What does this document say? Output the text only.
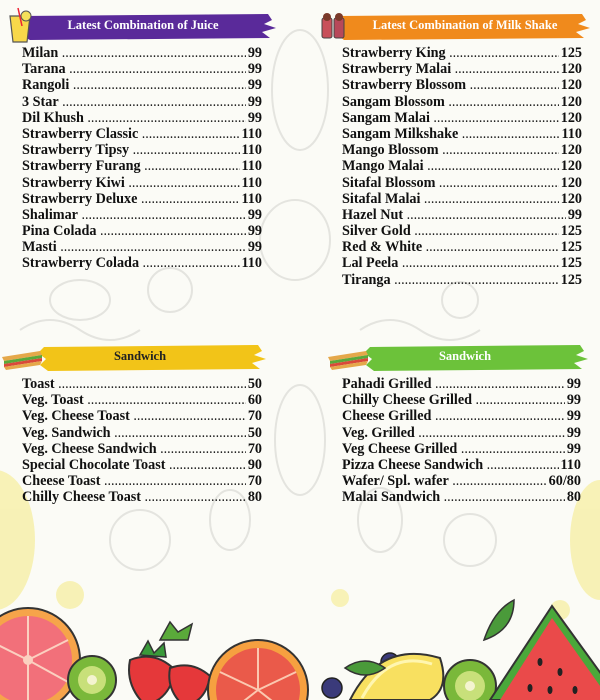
Latest Combination of Juice
Milan .....	99
Tarana .....	99
Rangoli .....	99
3 Star .....	99
Dil Khush .....	99
Strawberry Classic .....	110
Strawberry Tipsy .....	110
Strawberry Furang .....	110
Strawberry Kiwi .....	110
Strawberry Deluxe .....	110
Shalimar .....	99
Pina Colada .....	99
Masti .....	99
Strawberry Colada .....	110
Latest Combination of Milk Shake
Strawberry King .....	125
Strawberry Malai .....	120
Strawberry Blossom .....	120
Sangam Blossom .....	120
Sangam Malai .....	120
Sangam Milkshake .....	110
Mango Blossom .....	120
Mango Malai .....	120
Sitafal Blossom .....	120
Sitafal Malai .....	120
Hazel Nut .....	99
Silver Gold .....	125
Red & White .....	125
Lal Peela .....	125
Tiranga .....	125
Sandwich
Toast .....	50
Veg. Toast .....	60
Veg. Cheese Toast .....	70
Veg. Sandwich .....	50
Veg. Cheese Sandwich .....	70
Special Chocolate Toast .....	90
Cheese Toast .....	70
Chilly Cheese Toast .....	80
Sandwich
Pahadi Grilled .....	99
Chilly Cheese Grilled .....	99
Cheese Grilled .....	99
Veg. Grilled .....	99
Veg Cheese Grilled .....	99
Pizza Cheese Sandwich .....	110
Wafer/ Spl. wafer .....	60/80
Malai Sandwich .....	80
